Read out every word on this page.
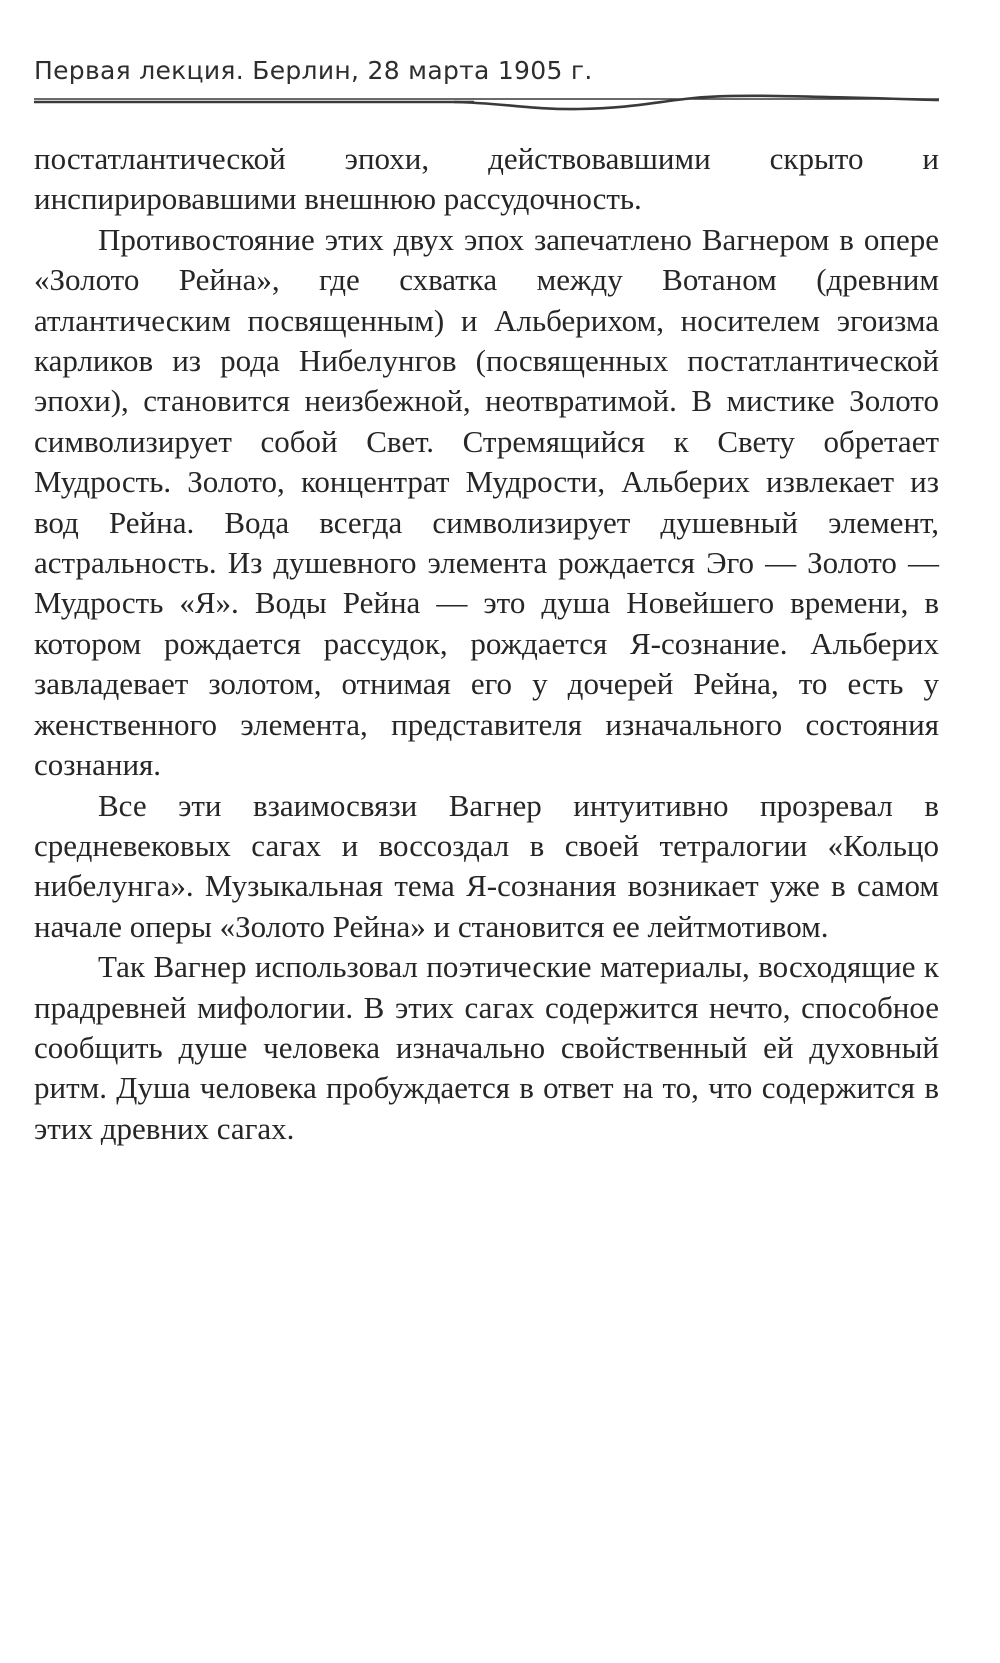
Первая лекция. Берлин, 28 марта 1905 г.

постатлантической эпохи, действовавшими скрыто и инспирировавшими внешнюю рассудочность.

Противостояние этих двух эпох запечатлено Вагнером в опере «Золото Рейна», где схватка между Вотаном (древним атлантическим посвященным) и Альберихом, носителем эгоизма карликов из рода Нибелунгов (посвященных постатлантической эпохи), становится неизбежной, неотвратимой. В мистике Золото символизирует собой Свет. Стремящийся к Свету обретает Мудрость. Золото, концентрат Мудрости, Альберих извлекает из вод Рейна. Вода всегда символизирует душевный элемент, астральность. Из душевного элемента рождается Эго — Золото — Мудрость «Я». Воды Рейна — это душа Новейшего времени, в котором рождается рассудок, рождается Я-сознание. Альберих завладевает золотом, отнимая его у дочерей Рейна, то есть у женственного элемента, представителя изначального состояния сознания.

Все эти взаимосвязи Вагнер интуитивно прозревал в средневековых сагах и воссоздал в своей тетралогии «Кольцо нибелунга». Музыкальная тема Я-сознания возникает уже в самом начале оперы «Золото Рейна» и становится ее лейтмотивом.

Так Вагнер использовал поэтические материалы, восходящие к прадревней мифологии. В этих сагах содержится нечто, способное сообщить душе человека изначально свойственный ей духовный ритм. Душа человека пробуждается в ответ на то, что содержится в этих древних сагах.
